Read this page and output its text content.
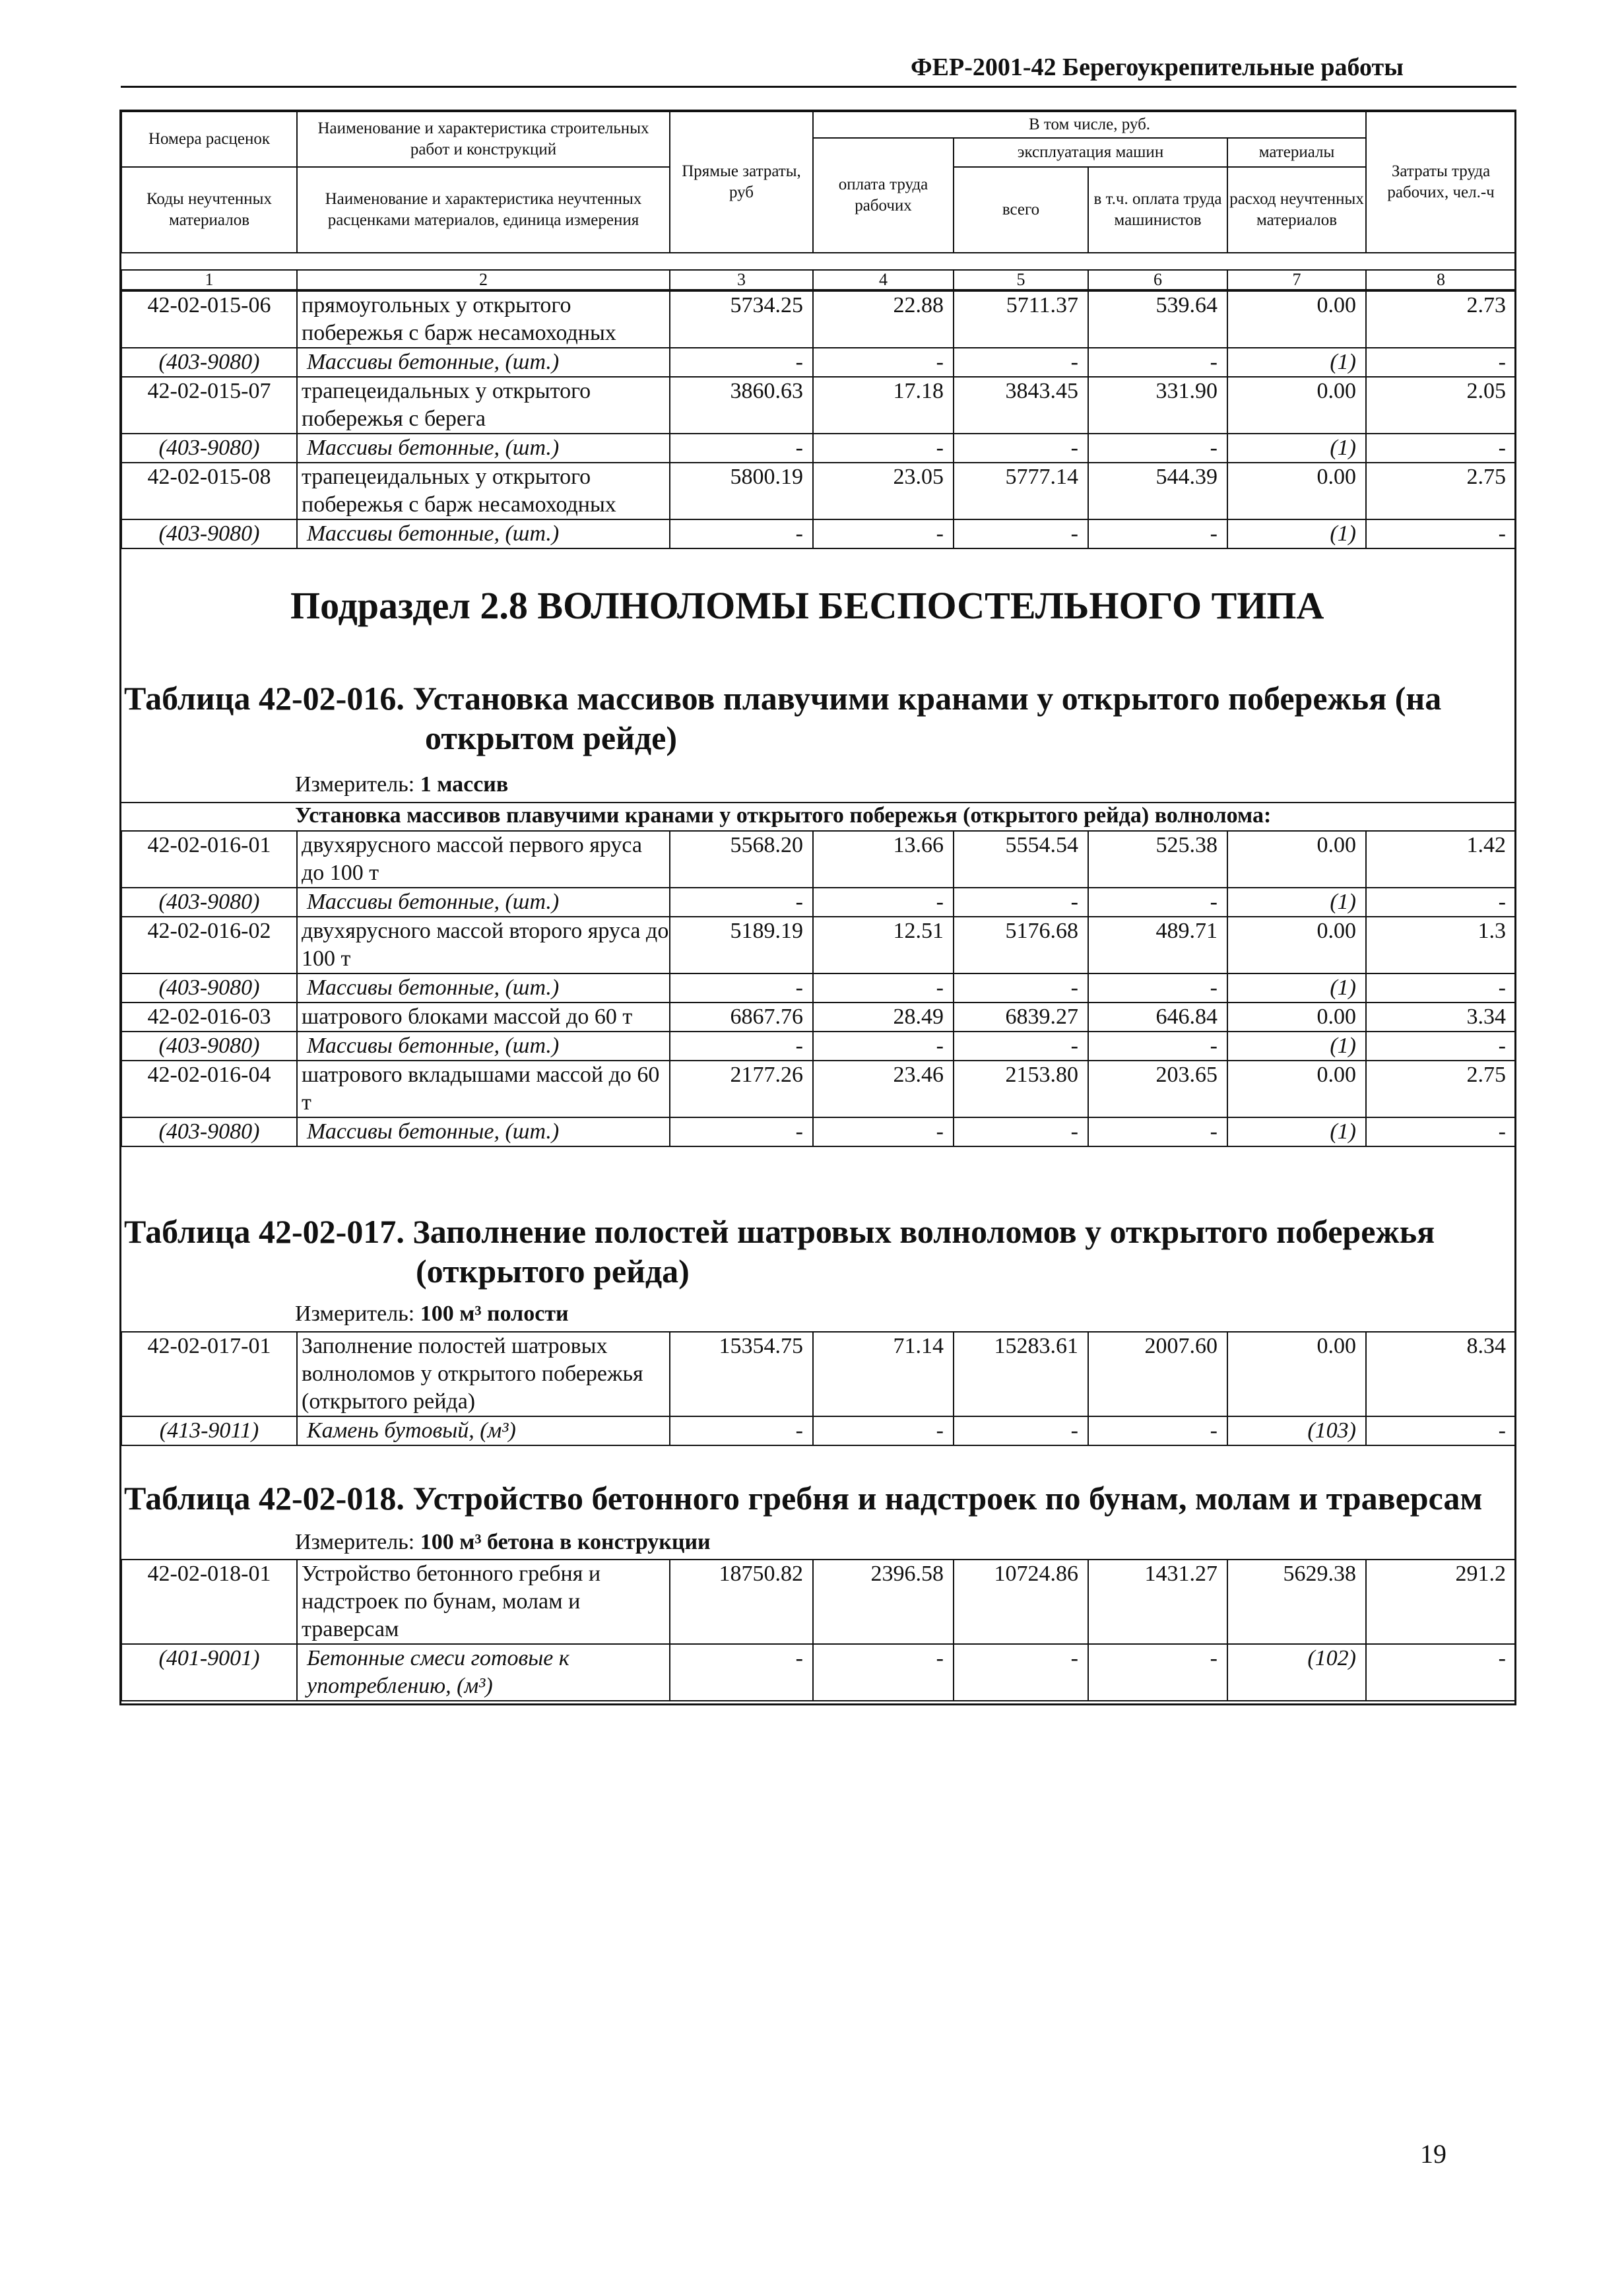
ФЕР-2001-42 Берегоукрепительные работы
Номера расценок	Наименование и характеристика строительных работ и конструкций	Прямые затраты, руб	В том числе, руб.				Затраты труда рабочих, чел.-ч
			оплата труда рабочих	эксплуатация машин		материалы	
Коды неучтенных материалов	Наименование и характеристика неучтенных расценками материалов, единица измерения			всего	в т.ч. оплата труда машинистов	расход неучтенных материалов	

1	2	3	4	5	6	7	8
42-02-015-06	прямоугольных у открытого побережья с барж несамоходных	5734.25	22.88	5711.37	539.64	0.00	2.73
(403-9080)	Массивы бетонные, (шт.)	-	-	-	-	(1)	-
42-02-015-07	трапецеидальных у открытого побережья с берега	3860.63	17.18	3843.45	331.90	0.00	2.05
(403-9080)	Массивы бетонные, (шт.)	-	-	-	-	(1)	-
42-02-015-08	трапецеидальных у открытого побережья с барж несамоходных	5800.19	23.05	5777.14	544.39	0.00	2.75
(403-9080)	Массивы бетонные, (шт.)	-	-	-	-	(1)	-
Подраздел 2.8 ВОЛНОЛОМЫ БЕСПОСТЕЛЬНОГО ТИПА
Таблица 42-02-016. Установка массивов плавучими кранами у открытого побережья (на
открытом рейде)
Измеритель: 1 массив
Установка массивов плавучими кранами у открытого побережья (открытого рейда) волнолома:
42-02-016-01	двухярусного массой первого яруса до 100 т	5568.20	13.66	5554.54	525.38	0.00	1.42
(403-9080)	Массивы бетонные, (шт.)	-	-	-	-	(1)	-
42-02-016-02	двухярусного массой второго яруса до 100 т	5189.19	12.51	5176.68	489.71	0.00	1.3
(403-9080)	Массивы бетонные, (шт.)	-	-	-	-	(1)	-
42-02-016-03	шатрового блоками массой до 60 т	6867.76	28.49	6839.27	646.84	0.00	3.34
(403-9080)	Массивы бетонные, (шт.)	-	-	-	-	(1)	-
42-02-016-04	шатрового вкладышами массой до 60 т	2177.26	23.46	2153.80	203.65	0.00	2.75
(403-9080)	Массивы бетонные, (шт.)	-	-	-	-	(1)	-
Таблица 42-02-017. Заполнение полостей шатровых волноломов у открытого побережья
(открытого рейда)
Измеритель: 100 м³ полости
42-02-017-01	Заполнение полостей шатровых волноломов у открытого побережья (открытого рейда)	15354.75	71.14	15283.61	2007.60	0.00	8.34
(413-9011)	Камень бутовый, (м³)	-	-	-	-	(103)	-
Таблица 42-02-018. Устройство бетонного гребня и надстроек по бунам, молам и траверсам
Измеритель: 100 м³ бетона в конструкции
42-02-018-01	Устройство бетонного гребня и надстроек по бунам, молам и траверсам	18750.82	2396.58	10724.86	1431.27	5629.38	291.2
(401-9001)	Бетонные смеси готовые к употреблению, (м³)	-	-	-	-	(102)	-
19
